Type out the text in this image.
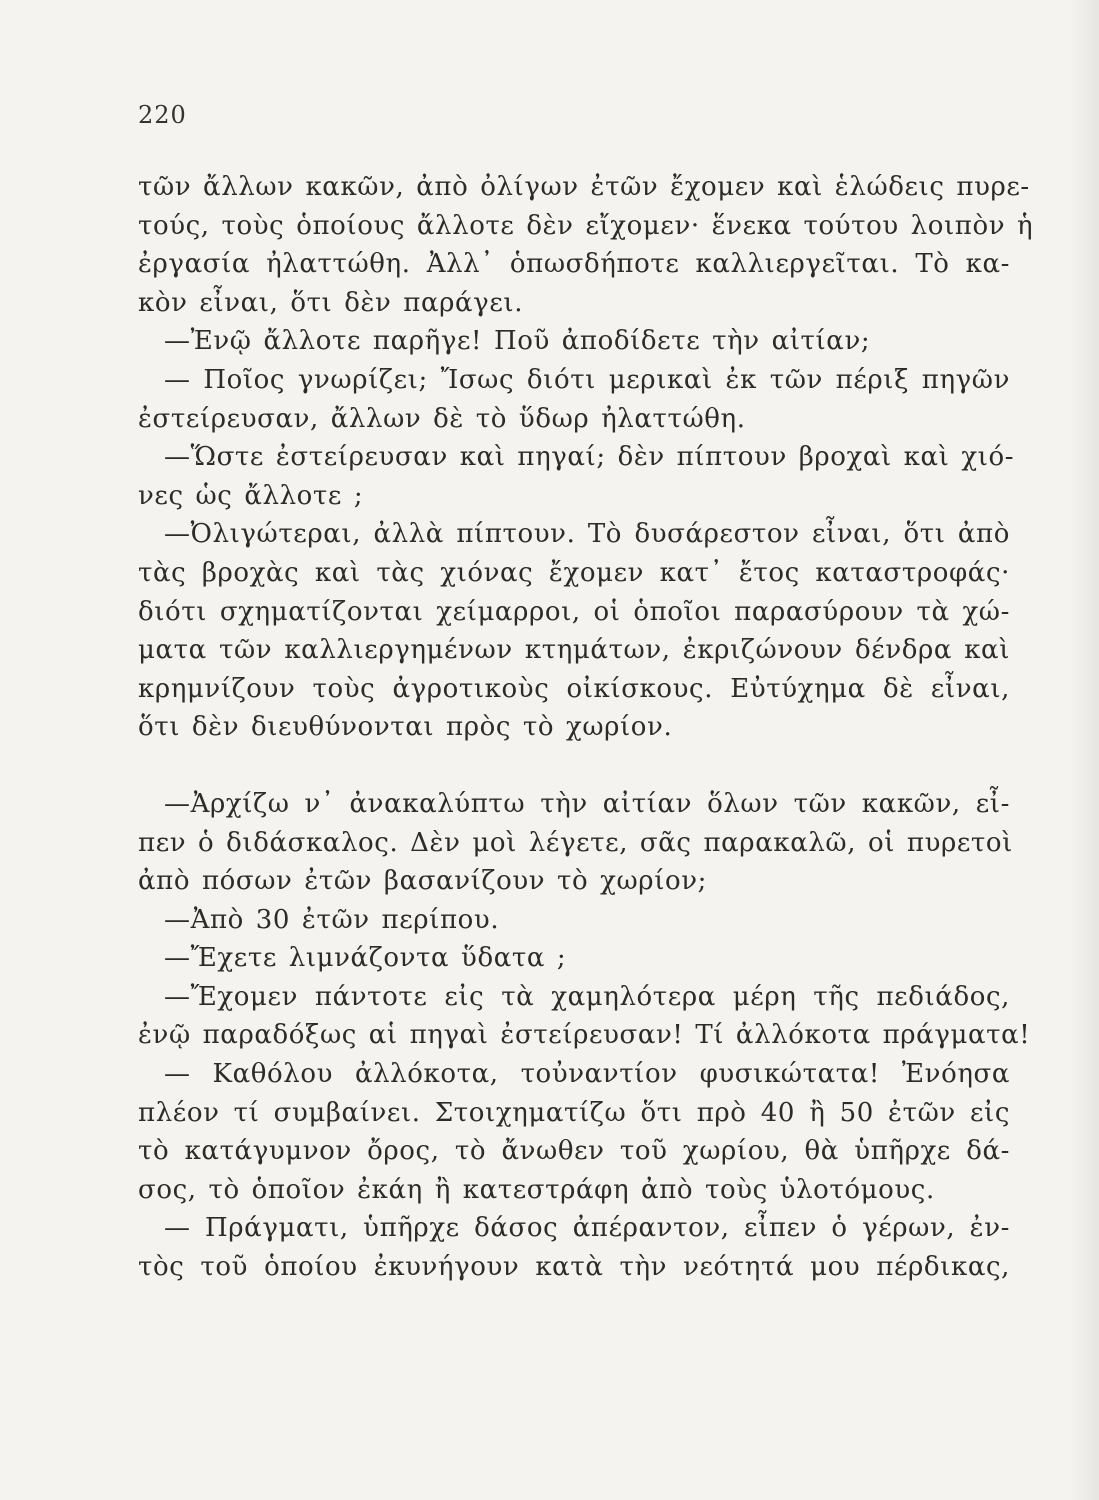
220
τῶν ἄλλων κακῶν, ἀπὸ ὀλίγων ἐτῶν ἔχομεν καὶ ἑλώδεις πυρε-
τούς, τοὺς ὁποίους ἄλλοτε δὲν εἴχομεν· ἕνεκα τούτου λοιπὸν ἡ
ἐργασία ἠλαττώθη. Ἀλλ᾽ ὁπωσδήποτε καλλιεργεῖται. Τὸ κα-
κὸν εἶναι, ὅτι δὲν παράγει.
—Ἐνῷ ἄλλοτε παρῆγε! Ποῦ ἀποδίδετε τὴν αἰτίαν;
— Ποῖος γνωρίζει; Ἴσως διότι μερικαὶ ἐκ τῶν πέριξ πηγῶν
ἐστείρευσαν, ἄλλων δὲ τὸ ὕδωρ ἠλαττώθη.
—Ὥστε ἐστείρευσαν καὶ πηγαί; δὲν πίπτουν βροχαὶ καὶ χιό-
νες ὡς ἄλλοτε ;
—Ὀλιγώτεραι, ἀλλὰ πίπτουν. Τὸ δυσάρεστον εἶναι, ὅτι ἀπὸ
τὰς βροχὰς καὶ τὰς χιόνας ἔχομεν κατ᾽ ἔτος καταστροφάς·
διότι σχηματίζονται χείμαρροι, οἱ ὁποῖοι παρασύρουν τὰ χώ-
ματα τῶν καλλιεργημένων κτημάτων, ἐκριζώνουν δένδρα καὶ
κρημνίζουν τοὺς ἀγροτικοὺς οἰκίσκους. Εὐτύχημα δὲ εἶναι,
ὅτι δὲν διευθύνονται πρὸς τὸ χωρίον.
—Ἀρχίζω ν᾽ ἀνακαλύπτω τὴν αἰτίαν ὅλων τῶν κακῶν, εἶ-
πεν ὁ διδάσκαλος. Δὲν μοὶ λέγετε, σᾶς παρακαλῶ, οἱ πυρετοὶ
ἀπὸ πόσων ἐτῶν βασανίζουν τὸ χωρίον;
—Ἀπὸ 30 ἐτῶν περίπου.
—Ἔχετε λιμνάζοντα ὕδατα ;
—Ἔχομεν πάντοτε εἰς τὰ χαμηλότερα μέρη τῆς πεδιάδος,
ἐνῷ παραδόξως αἱ πηγαὶ ἐστείρευσαν! Τί ἀλλόκοτα πράγματα!
— Καθόλου ἀλλόκοτα, τοὐναντίον φυσικώτατα! Ἐνόησα
πλέον τί συμβαίνει. Στοιχηματίζω ὅτι πρὸ 40 ἢ 50 ἐτῶν εἰς
τὸ κατάγυμνον ὄρος, τὸ ἄνωθεν τοῦ χωρίου, θὰ ὑπῆρχε δά-
σος, τὸ ὁποῖον ἐκάη ἢ κατεστράφη ἀπὸ τοὺς ὑλοτόμους.
— Πράγματι, ὑπῆρχε δάσος ἀπέραντον, εἶπεν ὁ γέρων, ἐν-
τὸς τοῦ ὁποίου ἐκυνήγουν κατὰ τὴν νεότητά μου πέρδικας,
